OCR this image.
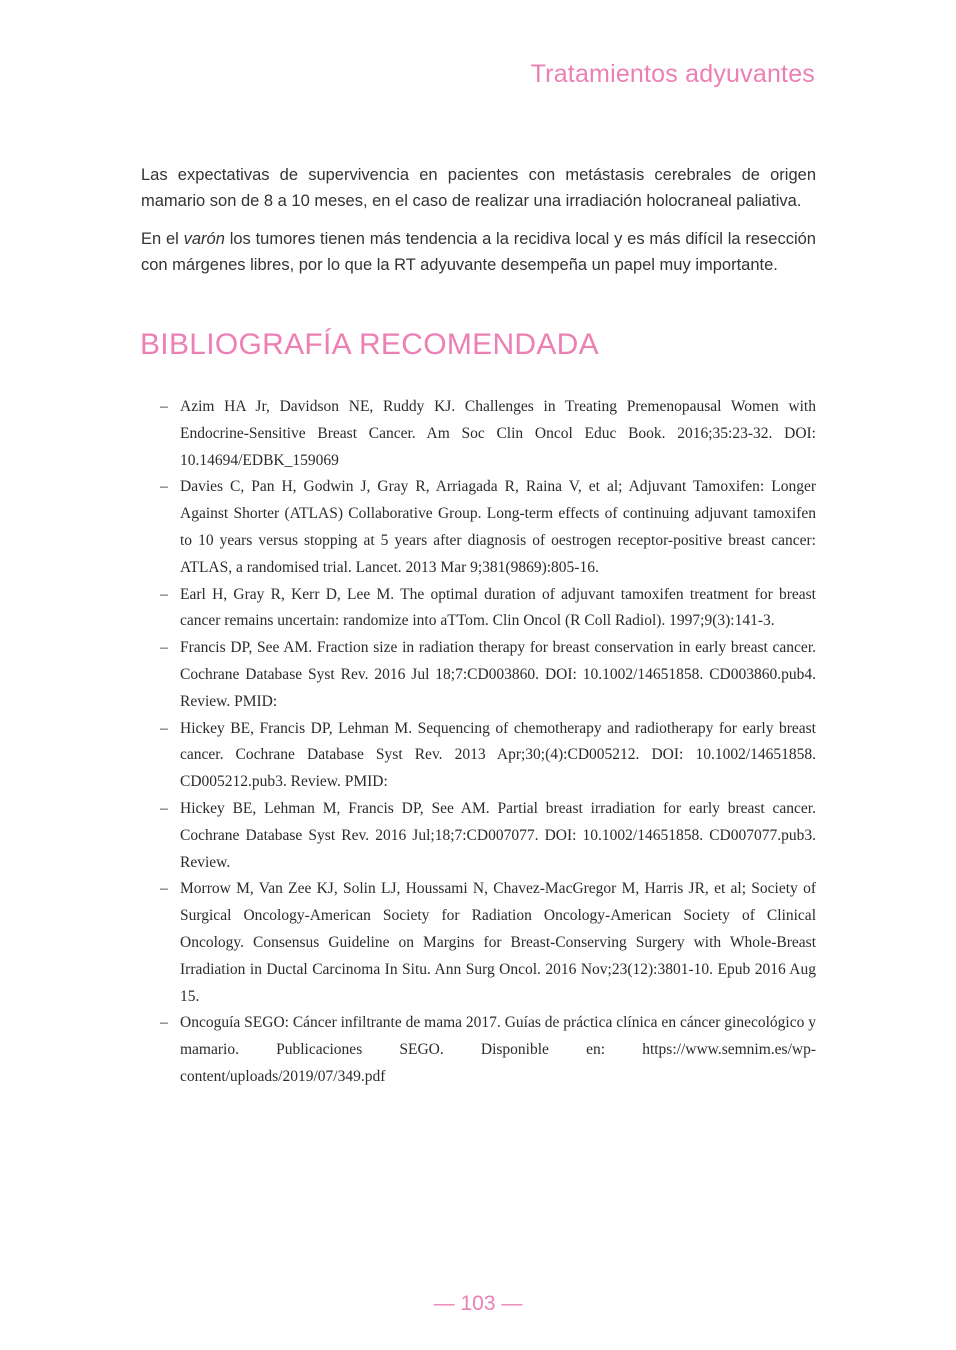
Tratamientos adyuvantes

Las expectativas de supervivencia en pacientes con metástasis cerebrales de origen mamario son de 8 a 10 meses, en el caso de realizar una irradiación holocraneal paliativa.

En el varón los tumores tienen más tendencia a la recidiva local y es más difícil la resección con márgenes libres, por lo que la RT adyuvante desempeña un papel muy importante.

BIBLIOGRAFÍA RECOMENDADA
– Azim HA Jr, Davidson NE, Ruddy KJ. Challenges in Treating Premenopausal Women with Endocrine-Sensitive Breast Cancer. Am Soc Clin Oncol Educ Book. 2016;35:23-32. DOI: 10.14694/EDBK_159069
– Davies C, Pan H, Godwin J, Gray R, Arriagada R, Raina V, et al; Adjuvant Tamoxifen: Longer Against Shorter (ATLAS) Collaborative Group. Long-term effects of continuing adjuvant tamoxifen to 10 years versus stopping at 5 years after diagnosis of oestrogen receptor-positive breast cancer: ATLAS, a randomised trial. Lancet. 2013 Mar 9;381(9869):805-16.
– Earl H, Gray R, Kerr D, Lee M. The optimal duration of adjuvant tamoxifen treatment for breast cancer remains uncertain: randomize into aTTom. Clin Oncol (R Coll Radiol). 1997;9(3):141-3.
– Francis DP, See AM. Fraction size in radiation therapy for breast conservation in early breast cancer. Cochrane Database Syst Rev. 2016 Jul 18;7:CD003860. DOI: 10.1002/14651858. CD003860.pub4. Review. PMID:
– Hickey BE, Francis DP, Lehman M. Sequencing of chemotherapy and radiotherapy for early breast cancer. Cochrane Database Syst Rev. 2013 Apr;30;(4):CD005212. DOI: 10.1002/14651858. CD005212.pub3. Review. PMID:
– Hickey BE, Lehman M, Francis DP, See AM. Partial breast irradiation for early breast cancer. Cochrane Database Syst Rev. 2016 Jul;18;7:CD007077. DOI: 10.1002/14651858. CD007077.pub3. Review.
– Morrow M, Van Zee KJ, Solin LJ, Houssami N, Chavez-MacGregor M, Harris JR, et al; Society of Surgical Oncology-American Society for Radiation Oncology-American Society of Clinical Oncology. Consensus Guideline on Margins for Breast-Conserving Surgery with Whole-Breast Irradiation in Ductal Carcinoma In Situ. Ann Surg Oncol. 2016 Nov;23(12):3801-10. Epub 2016 Aug 15.
– Oncoguía SEGO: Cáncer infiltrante de mama 2017. Guías de práctica clínica en cáncer ginecológico y mamario. Publicaciones SEGO. Disponible en: https://www.semnim.es/wp-content/uploads/2019/07/349.pdf
— 103 —
